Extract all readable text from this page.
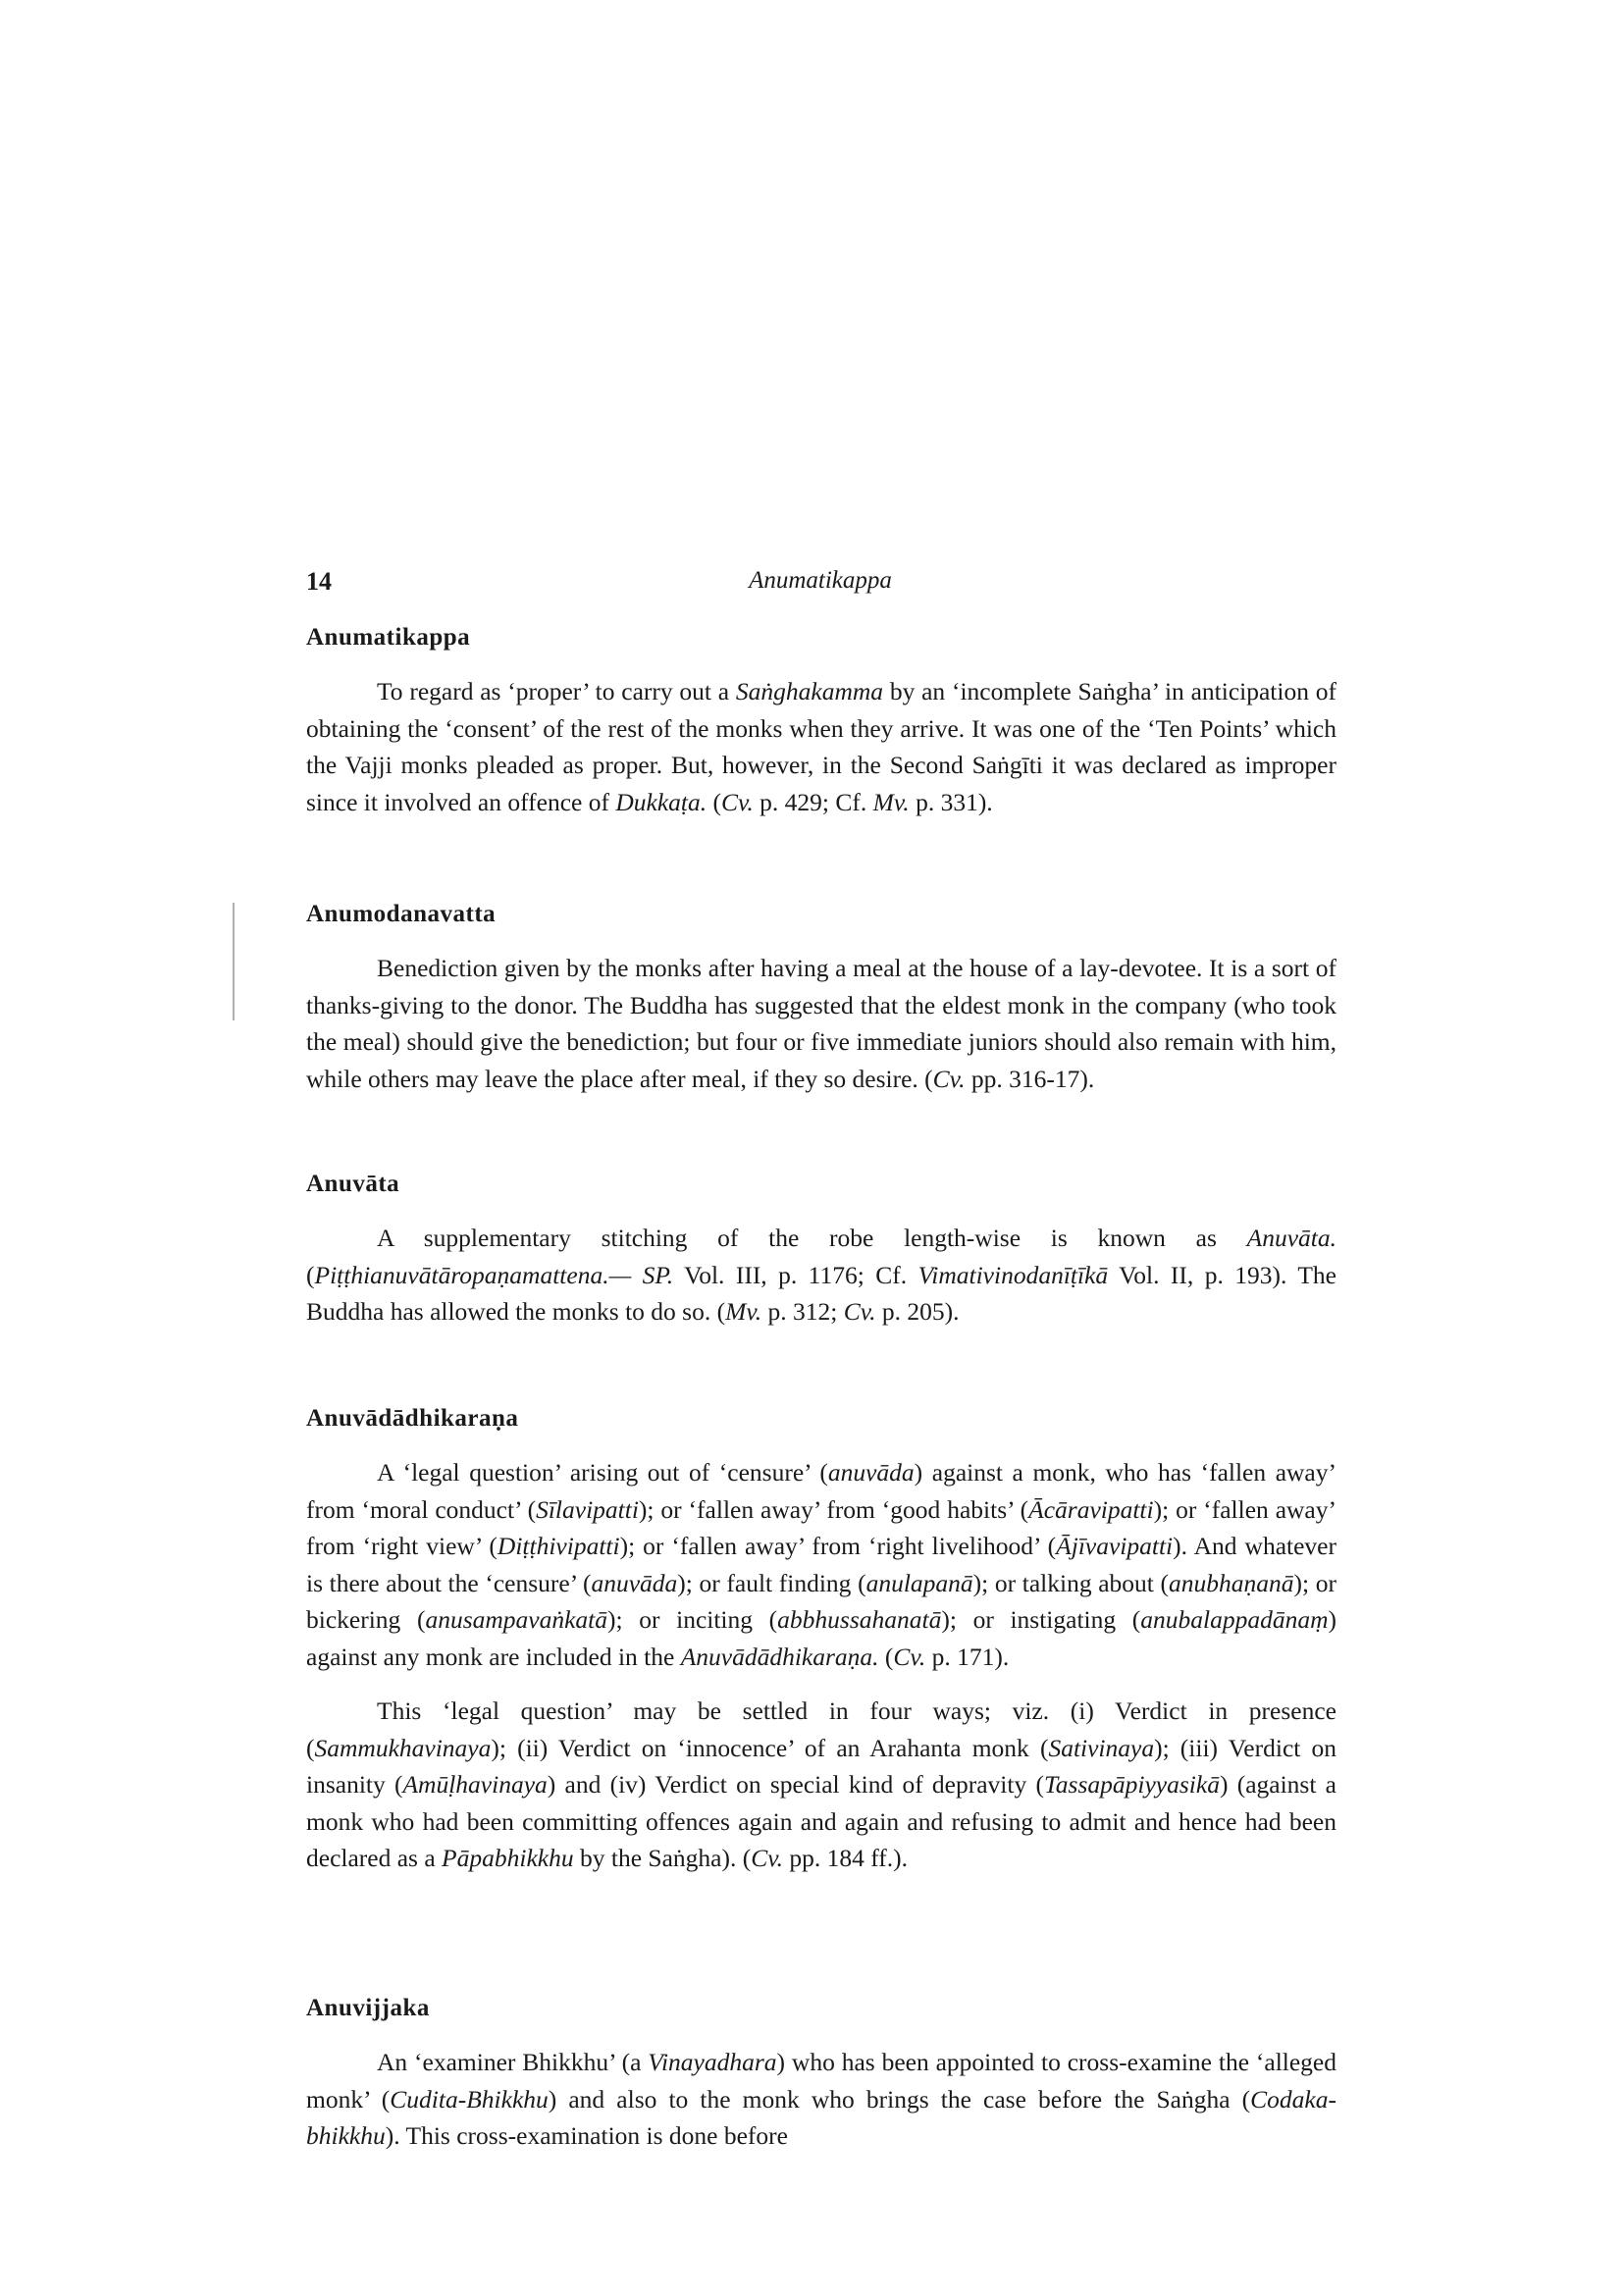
14	Anumatikappa
Anumatikappa

To regard as ‘proper’ to carry out a Saṅghakamma by an ‘incomplete Saṅgha’ in anticipation of obtaining the ‘consent’ of the rest of the monks when they arrive. It was one of the ‘Ten Points’ which the Vajji monks pleaded as proper. But, however, in the Second Saṅgīti it was declared as improper since it involved an offence of Dukkaṭa. (Cv. p. 429; Cf. Mv. p. 331).

Anumodanavatta

Benediction given by the monks after having a meal at the house of a lay-devotee. It is a sort of thanks-giving to the donor. The Buddha has suggested that the eldest monk in the company (who took the meal) should give the benediction; but four or five immediate juniors should also remain with him, while others may leave the place after meal, if they so desire. (Cv. pp. 316-17).

Anuvāta

A supplementary stitching of the robe length-wise is known as Anuvāta. (Piṭṭhianuvātāropaṇamattena.— SP. Vol. III, p. 1176; Cf. Vimativinodanīṭīkā Vol. II, p. 193). The Buddha has allowed the monks to do so. (Mv. p. 312; Cv. p. 205).

Anuvādādhikaraṇa

A ‘legal question’ arising out of ‘censure’ (anuvāda) against a monk, who has ‘fallen away’ from ‘moral conduct’ (Sīlavipatti); or ‘fallen away’ from ‘good habits’ (Ācāravipatti); or ‘fallen away’ from ‘right view’ (Diṭṭhivipatti); or ‘fallen away’ from ‘right livelihood’ (Ājīvavipatti). And whatever is there about the ‘censure’ (anuvāda); or fault finding (anulapanā); or talking about (anubhaṇanā); or bickering (anusampavaṅkatā); or inciting (abbhussahanatā); or instigating (anubalappadānaṃ) against any monk are included in the Anuvādādhikaraṇa. (Cv. p. 171).

This ‘legal question’ may be settled in four ways; viz. (i) Verdict in presence (Sammukhavinaya); (ii) Verdict on ‘innocence’ of an Arahanta monk (Sativinaya); (iii) Verdict on insanity (Amūḷhavinaya) and (iv) Verdict on special kind of depravity (Tassapāpiyyasikā) (against a monk who had been committing offences again and again and refusing to admit and hence had been declared as a Pāpabhikkhu by the Saṅgha). (Cv. pp. 184 ff.).

Anuvijjaka

An ‘examiner Bhikkhu’ (a Vinayadhara) who has been appointed to cross-examine the ‘alleged monk’ (Cudita-Bhikkhu) and also to the monk who brings the case before the Saṅgha (Codaka-bhikkhu). This cross-examination is done before
